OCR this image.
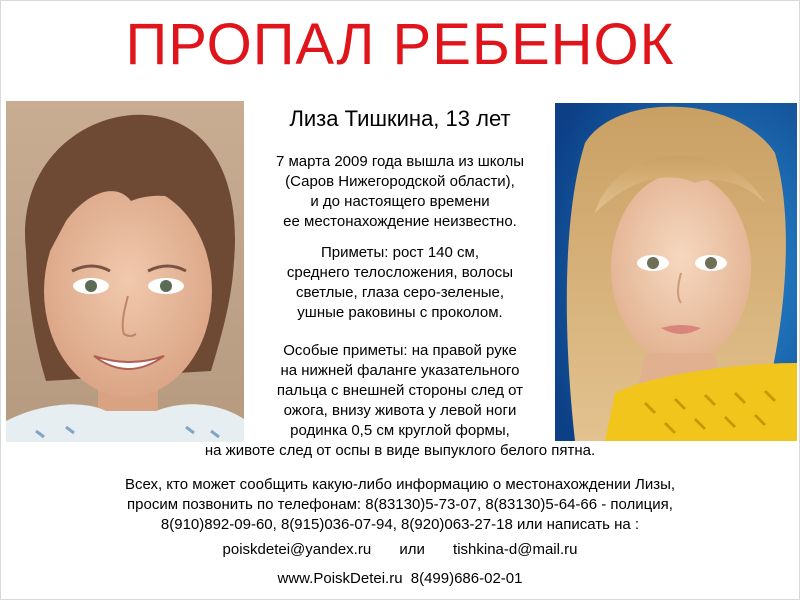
ПРОПАЛ РЕБЕНОК
Лиза Тишкина, 13 лет
7 марта 2009 года вышла из школы
(Саров Нижегородской области),
и до настоящего времени
ее местонахождение неизвестно.
Приметы: рост 140 см,
среднего телосложения, волосы
светлые, глаза серо-зеленые,
ушные раковины с проколом.
Особые приметы: на правой руке
на нижней фаланге указательного
пальца с внешней стороны след от
ожога, внизу живота у левой ноги
родинка 0,5 см круглой формы,
на животе след от оспы в виде выпуклого белого пятна.
Всех, кто может сообщить какую-либо информацию о местонахождении Лизы,
просим позвонить по телефонам: 8(83130)5-73-07, 8(83130)5-64-66 - полиция,
8(910)892-09-60, 8(915)036-07-94, 8(920)063-27-18 или написать на :
poiskdetei@yandex.ru или tishkina-d@mail.ru
www.PoiskDetei.ru 8(499)686-02-01
